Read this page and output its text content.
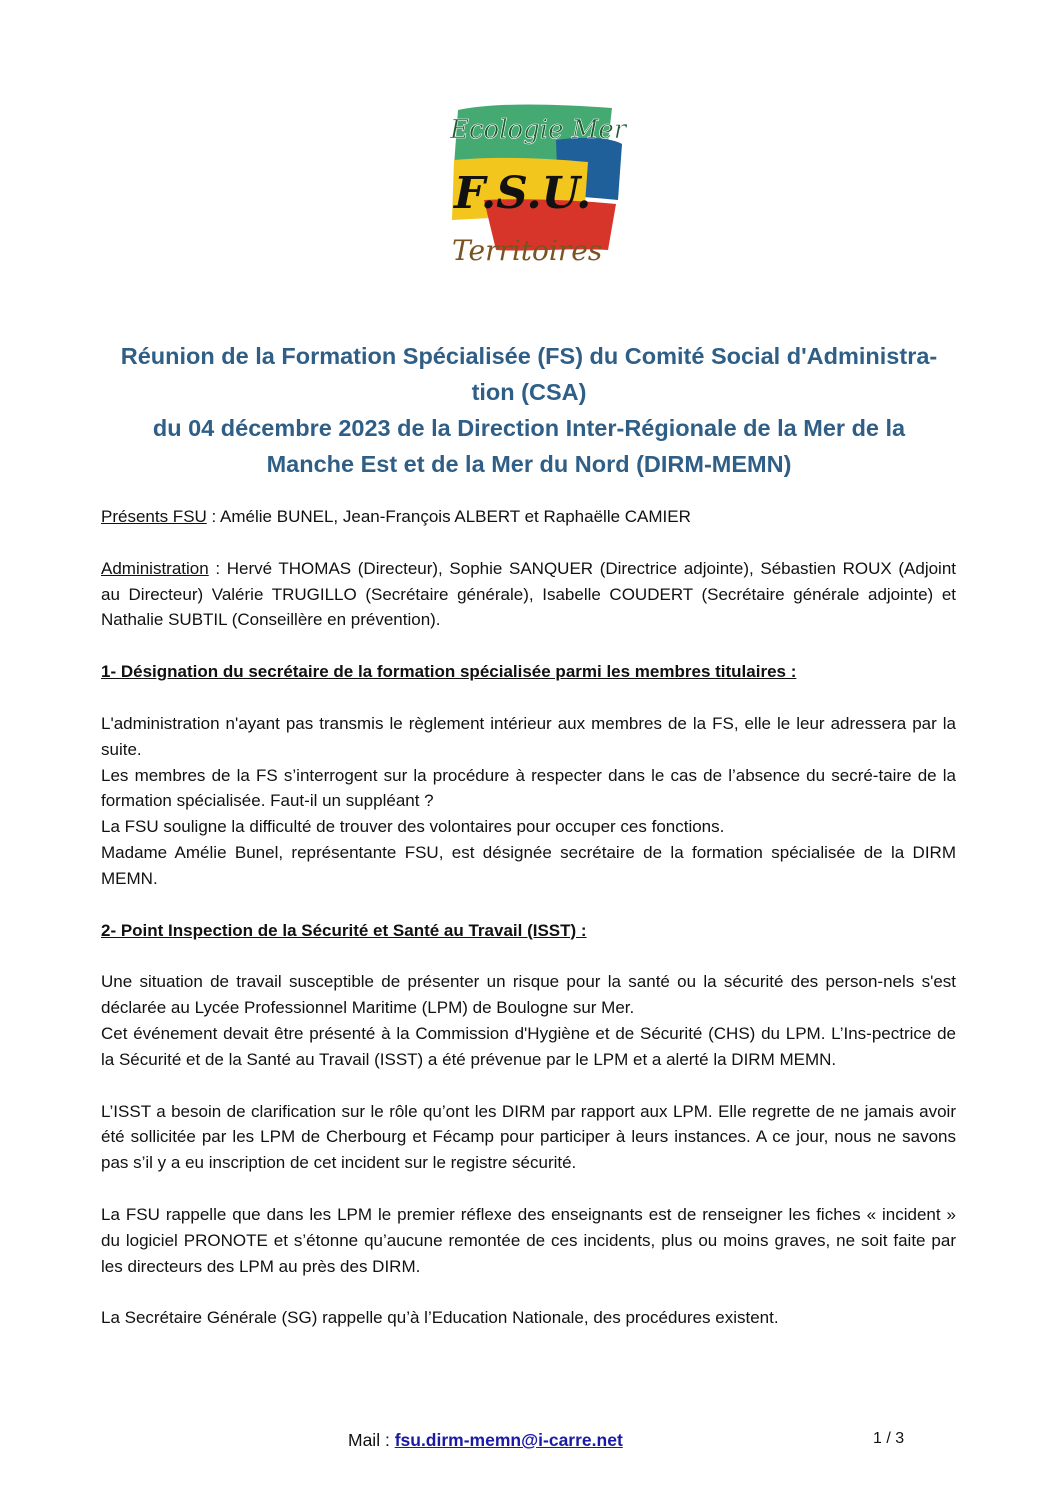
Ecologie Mer
F.S.U.
Territoires
Réunion de la Formation Spécialisée (FS) du Comité Social d'Administra-
tion (CSA)
du 04 décembre 2023 de la Direction Inter-Régionale de la Mer de la
Manche Est et de la Mer du Nord (DIRM-MEMN)

Présents FSU : Amélie BUNEL, Jean-François ALBERT et Raphaëlle CAMIER

Administration : Hervé THOMAS (Directeur), Sophie SANQUER (Directrice adjointe), Sébastien ROUX (Adjoint au Directeur) Valérie TRUGILLO (Secrétaire générale), Isabelle COUDERT (Secrétaire générale adjointe) et Nathalie SUBTIL (Conseillère en prévention).

1- Désignation du secrétaire de la formation spécialisée parmi les membres titulaires :

L'administration n'ayant pas transmis le règlement intérieur aux membres de la FS, elle le leur adressera par la suite.
Les membres de la FS s’interrogent sur la procédure à respecter dans le cas de l’absence du secré-taire de la formation spécialisée. Faut-il un suppléant ?
La FSU souligne la difficulté de trouver des volontaires pour occuper ces fonctions.
Madame Amélie Bunel, représentante FSU, est désignée secrétaire de la formation spécialisée de la DIRM MEMN.

2- Point Inspection de la Sécurité et Santé au Travail (ISST) :

Une situation de travail susceptible de présenter un risque pour la santé ou la sécurité des person-nels s'est déclarée au Lycée Professionnel Maritime (LPM) de Boulogne sur Mer.
Cet événement devait être présenté à la Commission d'Hygiène et de Sécurité (CHS) du LPM. L’Ins-pectrice de la Sécurité et de la Santé au Travail (ISST) a été prévenue par le LPM et a alerté la DIRM MEMN.

L’ISST a besoin de clarification sur le rôle qu’ont les DIRM par rapport aux LPM. Elle regrette de ne jamais avoir été sollicitée par les LPM de Cherbourg et Fécamp pour participer à leurs instances. A ce jour, nous ne savons pas s’il y a eu inscription de cet incident sur le registre sécurité.

La FSU rappelle que dans les LPM le premier réflexe des enseignants est de renseigner les fiches « incident » du logiciel PRONOTE et s’étonne qu’aucune remontée de ces incidents, plus ou moins graves, ne soit faite par les directeurs des LPM au près des DIRM.

La Secrétaire Générale (SG) rappelle qu’à l’Education Nationale, des procédures existent.

Mail : fsu.dirm-memn@i-carre.net	1 / 3
